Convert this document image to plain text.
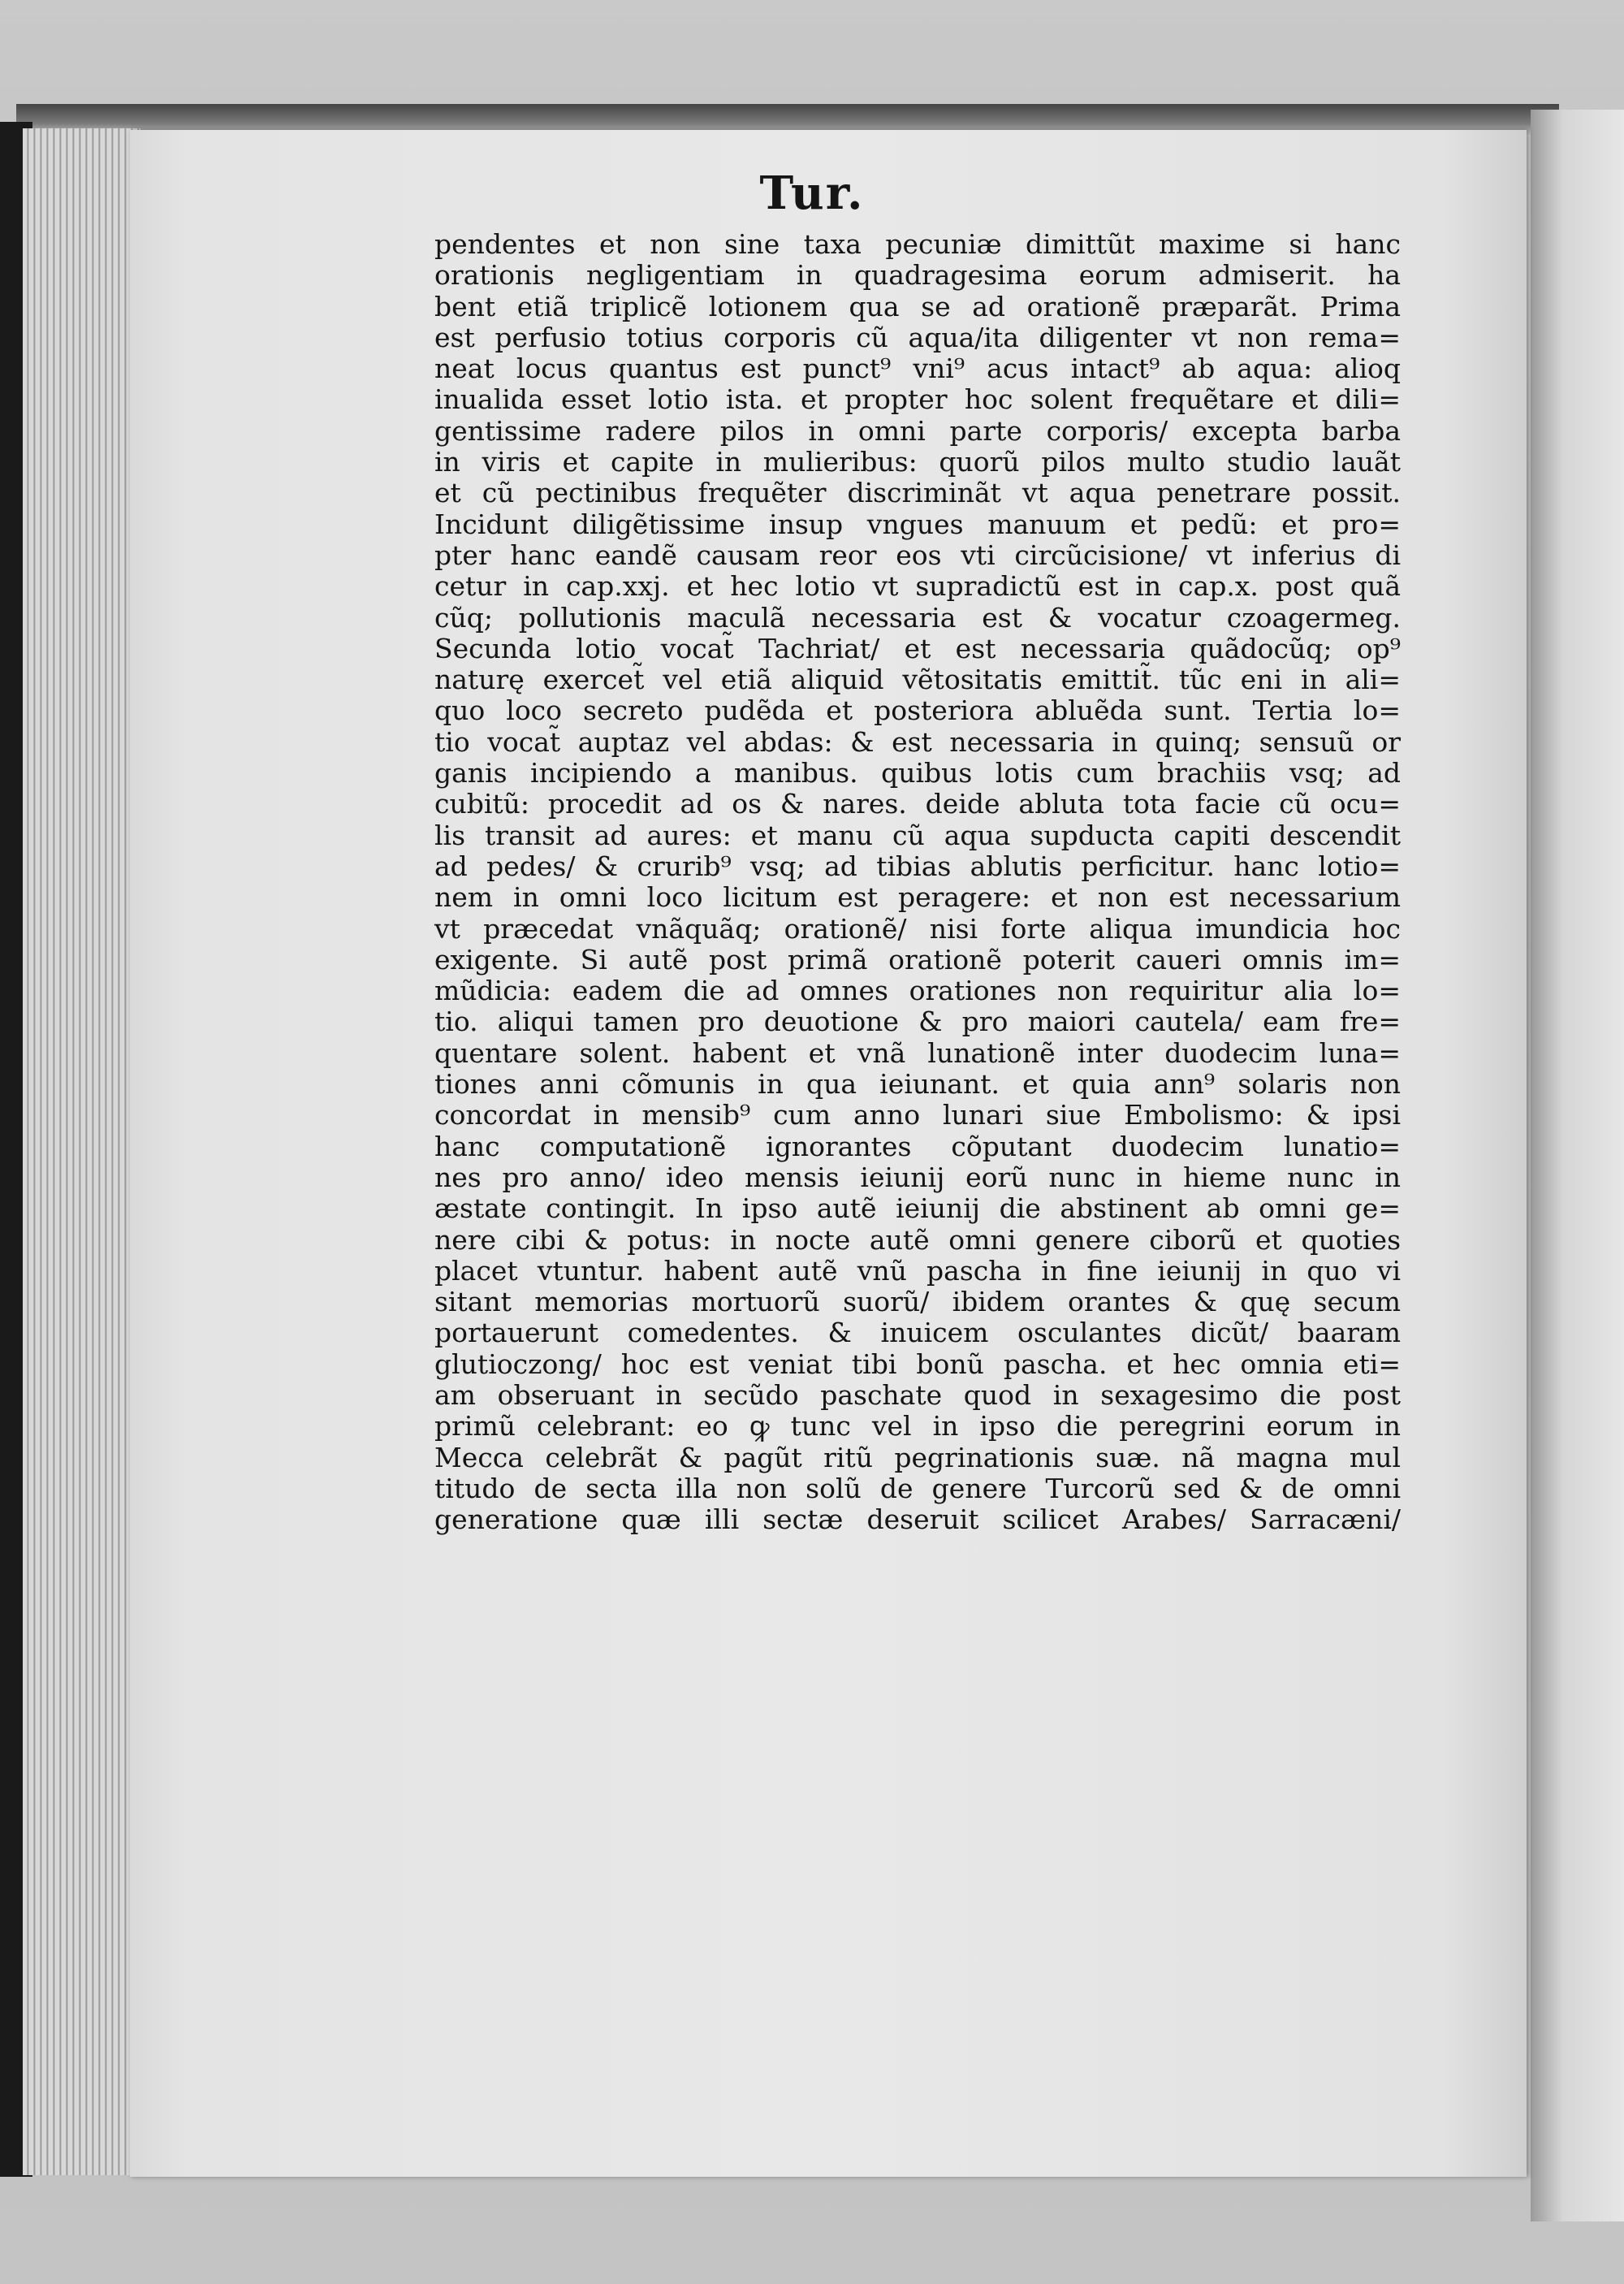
Tur.
pendentes et non sine taxa pecuniæ dimittũt maxime si hanc
orationis negligentiam in quadragesima eorum admiserit. ha
bent etiã triplicẽ lotionem qua se ad orationẽ præparãt. Prima
est perfusio totius corporis cũ aqua/ita diligenter vt non rema=
neat locus quantus est punct⁹ vni⁹ acus intact⁹ ab aqua: alioq
inualida esset lotio ista. et propter hoc solent frequẽtare et dili=
gentissime radere pilos in omni parte corporis/ excepta barba
in viris et capite in mulieribus: quorũ pilos multo studio lauãt
et cũ pectinibus frequẽter discriminãt vt aqua penetrare possit.
Incidunt diligẽtissime insup vngues manuum et pedũ: et pro=
pter hanc eandẽ causam reor eos vti circũcisione/ vt inferius di
cetur in cap.xxj. et hec lotio vt supradictũ est in cap.x. post quã
cũq; pollutionis maculã necessaria est & vocatur czoagermeg.
Secunda lotio vocat̃ Tachriat/ et est necessaria quãdocũq; op⁹
naturę exercet̃ vel etiã aliquid vẽtositatis emittit̃. tũc eni in ali=
quo loco secreto pudẽda et posteriora abluẽda sunt. Tertia lo=
tio vocat̃ auptaz vel abdas: & est necessaria in quinq; sensuũ or
ganis incipiendo a manibus. quibus lotis cum brachiis vsq; ad
cubitũ: procedit ad os & nares. deide abluta tota facie cũ ocu=
lis transit ad aures: et manu cũ aqua supducta capiti descendit
ad pedes/ & crurib⁹ vsq; ad tibias ablutis perficitur. hanc lotio=
nem in omni loco licitum est peragere: et non est necessarium
vt præcedat vnãquãq; orationẽ/ nisi forte aliqua imundicia hoc
exigente. Si autẽ post primã orationẽ poterit caueri omnis im=
mũdicia: eadem die ad omnes orationes non requiritur alia lo=
tio. aliqui tamen pro deuotione & pro maiori cautela/ eam fre=
quentare solent. habent et vnã lunationẽ inter duodecim luna=
tiones anni cõmunis in qua ieiunant. et quia ann⁹ solaris non
concordat in mensib⁹ cum anno lunari siue Embolismo: & ipsi
hanc computationẽ ignorantes cõputant duodecim lunatio=
nes pro anno/ ideo mensis ieiunij eorũ nunc in hieme nunc in
æstate contingit. In ipso autẽ ieiunij die abstinent ab omni ge=
nere cibi & potus: in nocte autẽ omni genere ciborũ et quoties
placet vtuntur. habent autẽ vnũ pascha in fine ieiunij in quo vi
sitant memorias mortuorũ suorũ/ ibidem orantes & quę secum
portauerunt comedentes. & inuicem osculantes dicũt/ baaram
glutioczong/ hoc est veniat tibi bonũ pascha. et hec omnia eti=
am obseruant in secũdo paschate quod in sexagesimo die post
primũ celebrant: eo ꝙ tunc vel in ipso die peregrini eorum in
Mecca celebrãt & pagũt ritũ pegrinationis suæ. nã magna mul
titudo de secta illa non solũ de genere Turcorũ sed & de omni
generatione quæ illi sectæ deseruit scilicet Arabes/ Sarracæni/
